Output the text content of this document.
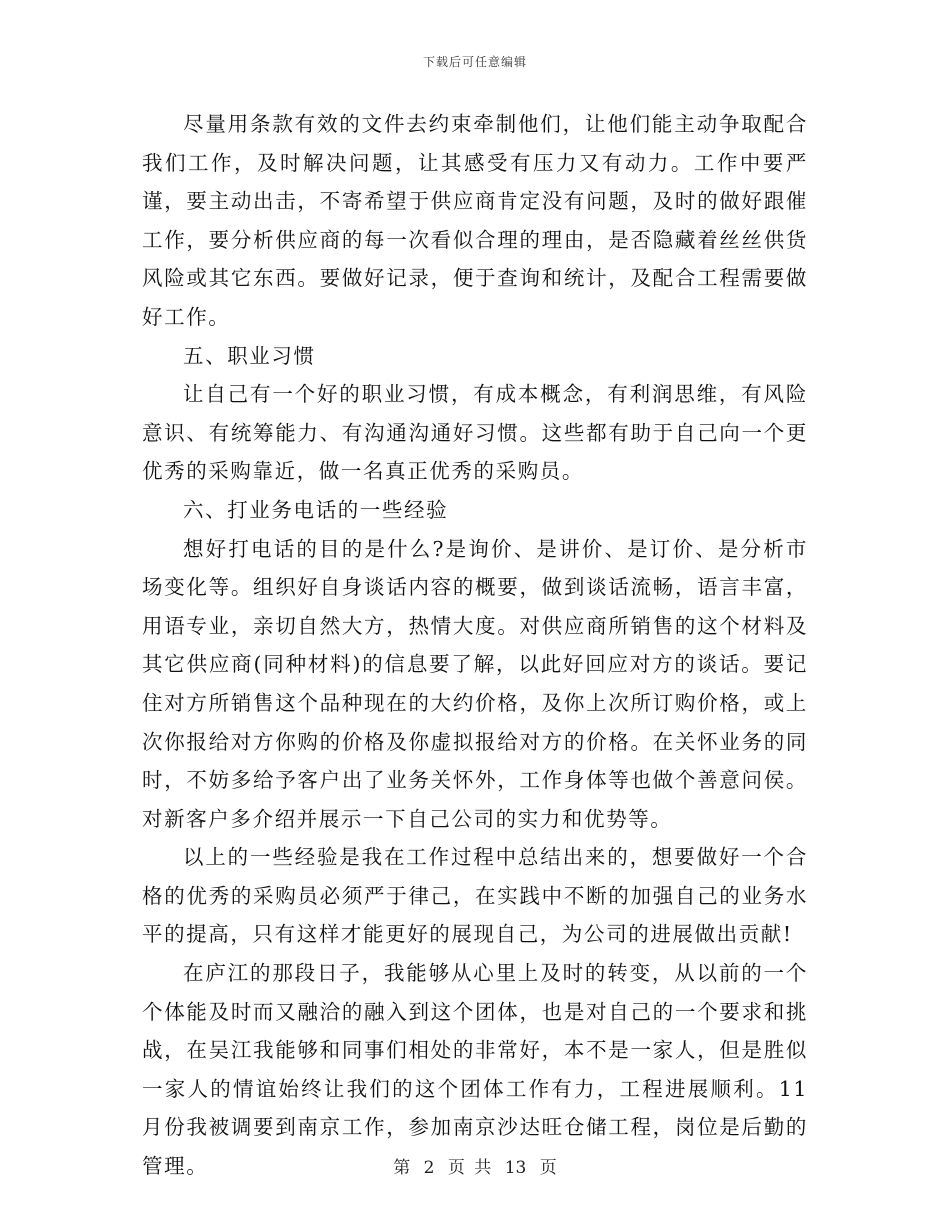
下载后可任意编辑

尽量用条款有效的文件去约束牵制他们，让他们能主动争取配合我们工作，及时解决问题，让其感受有压力又有动力。工作中要严谨，要主动出击，不寄希望于供应商肯定没有问题，及时的做好跟催工作，要分析供应商的每一次看似合理的理由，是否隐藏着丝丝供货风险或其它东西。要做好记录，便于查询和统计，及配合工程需要做好工作。

五、职业习惯

让自己有一个好的职业习惯，有成本概念，有利润思维，有风险意识、有统筹能力、有沟通沟通好习惯。这些都有助于自己向一个更优秀的采购靠近，做一名真正优秀的采购员。

六、打业务电话的一些经验

想好打电话的目的是什么?是询价、是讲价、是订价、是分析市场变化等。组织好自身谈话内容的概要，做到谈话流畅，语言丰富，用语专业，亲切自然大方，热情大度。对供应商所销售的这个材料及其它供应商(同种材料)的信息要了解，以此好回应对方的谈话。要记住对方所销售这个品种现在的大约价格，及你上次所订购价格，或上次你报给对方你购的价格及你虚拟报给对方的价格。在关怀业务的同时，不妨多给予客户出了业务关怀外，工作身体等也做个善意问侯。对新客户多介绍并展示一下自己公司的实力和优势等。

以上的一些经验是我在工作过程中总结出来的，想要做好一个合格的优秀的采购员必须严于律己，在实践中不断的加强自己的业务水平的提高，只有这样才能更好的展现自己，为公司的进展做出贡献!

在庐江的那段日子，我能够从心里上及时的转变，从以前的一个个体能及时而又融洽的融入到这个团体，也是对自己的一个要求和挑战，在吴江我能够和同事们相处的非常好，本不是一家人，但是胜似一家人的情谊始终让我们的这个团体工作有力，工程进展顺利。11月份我被调要到南京工作，参加南京沙达旺仓储工程，岗位是后勤的管理。	第 2 页 共 13 页
